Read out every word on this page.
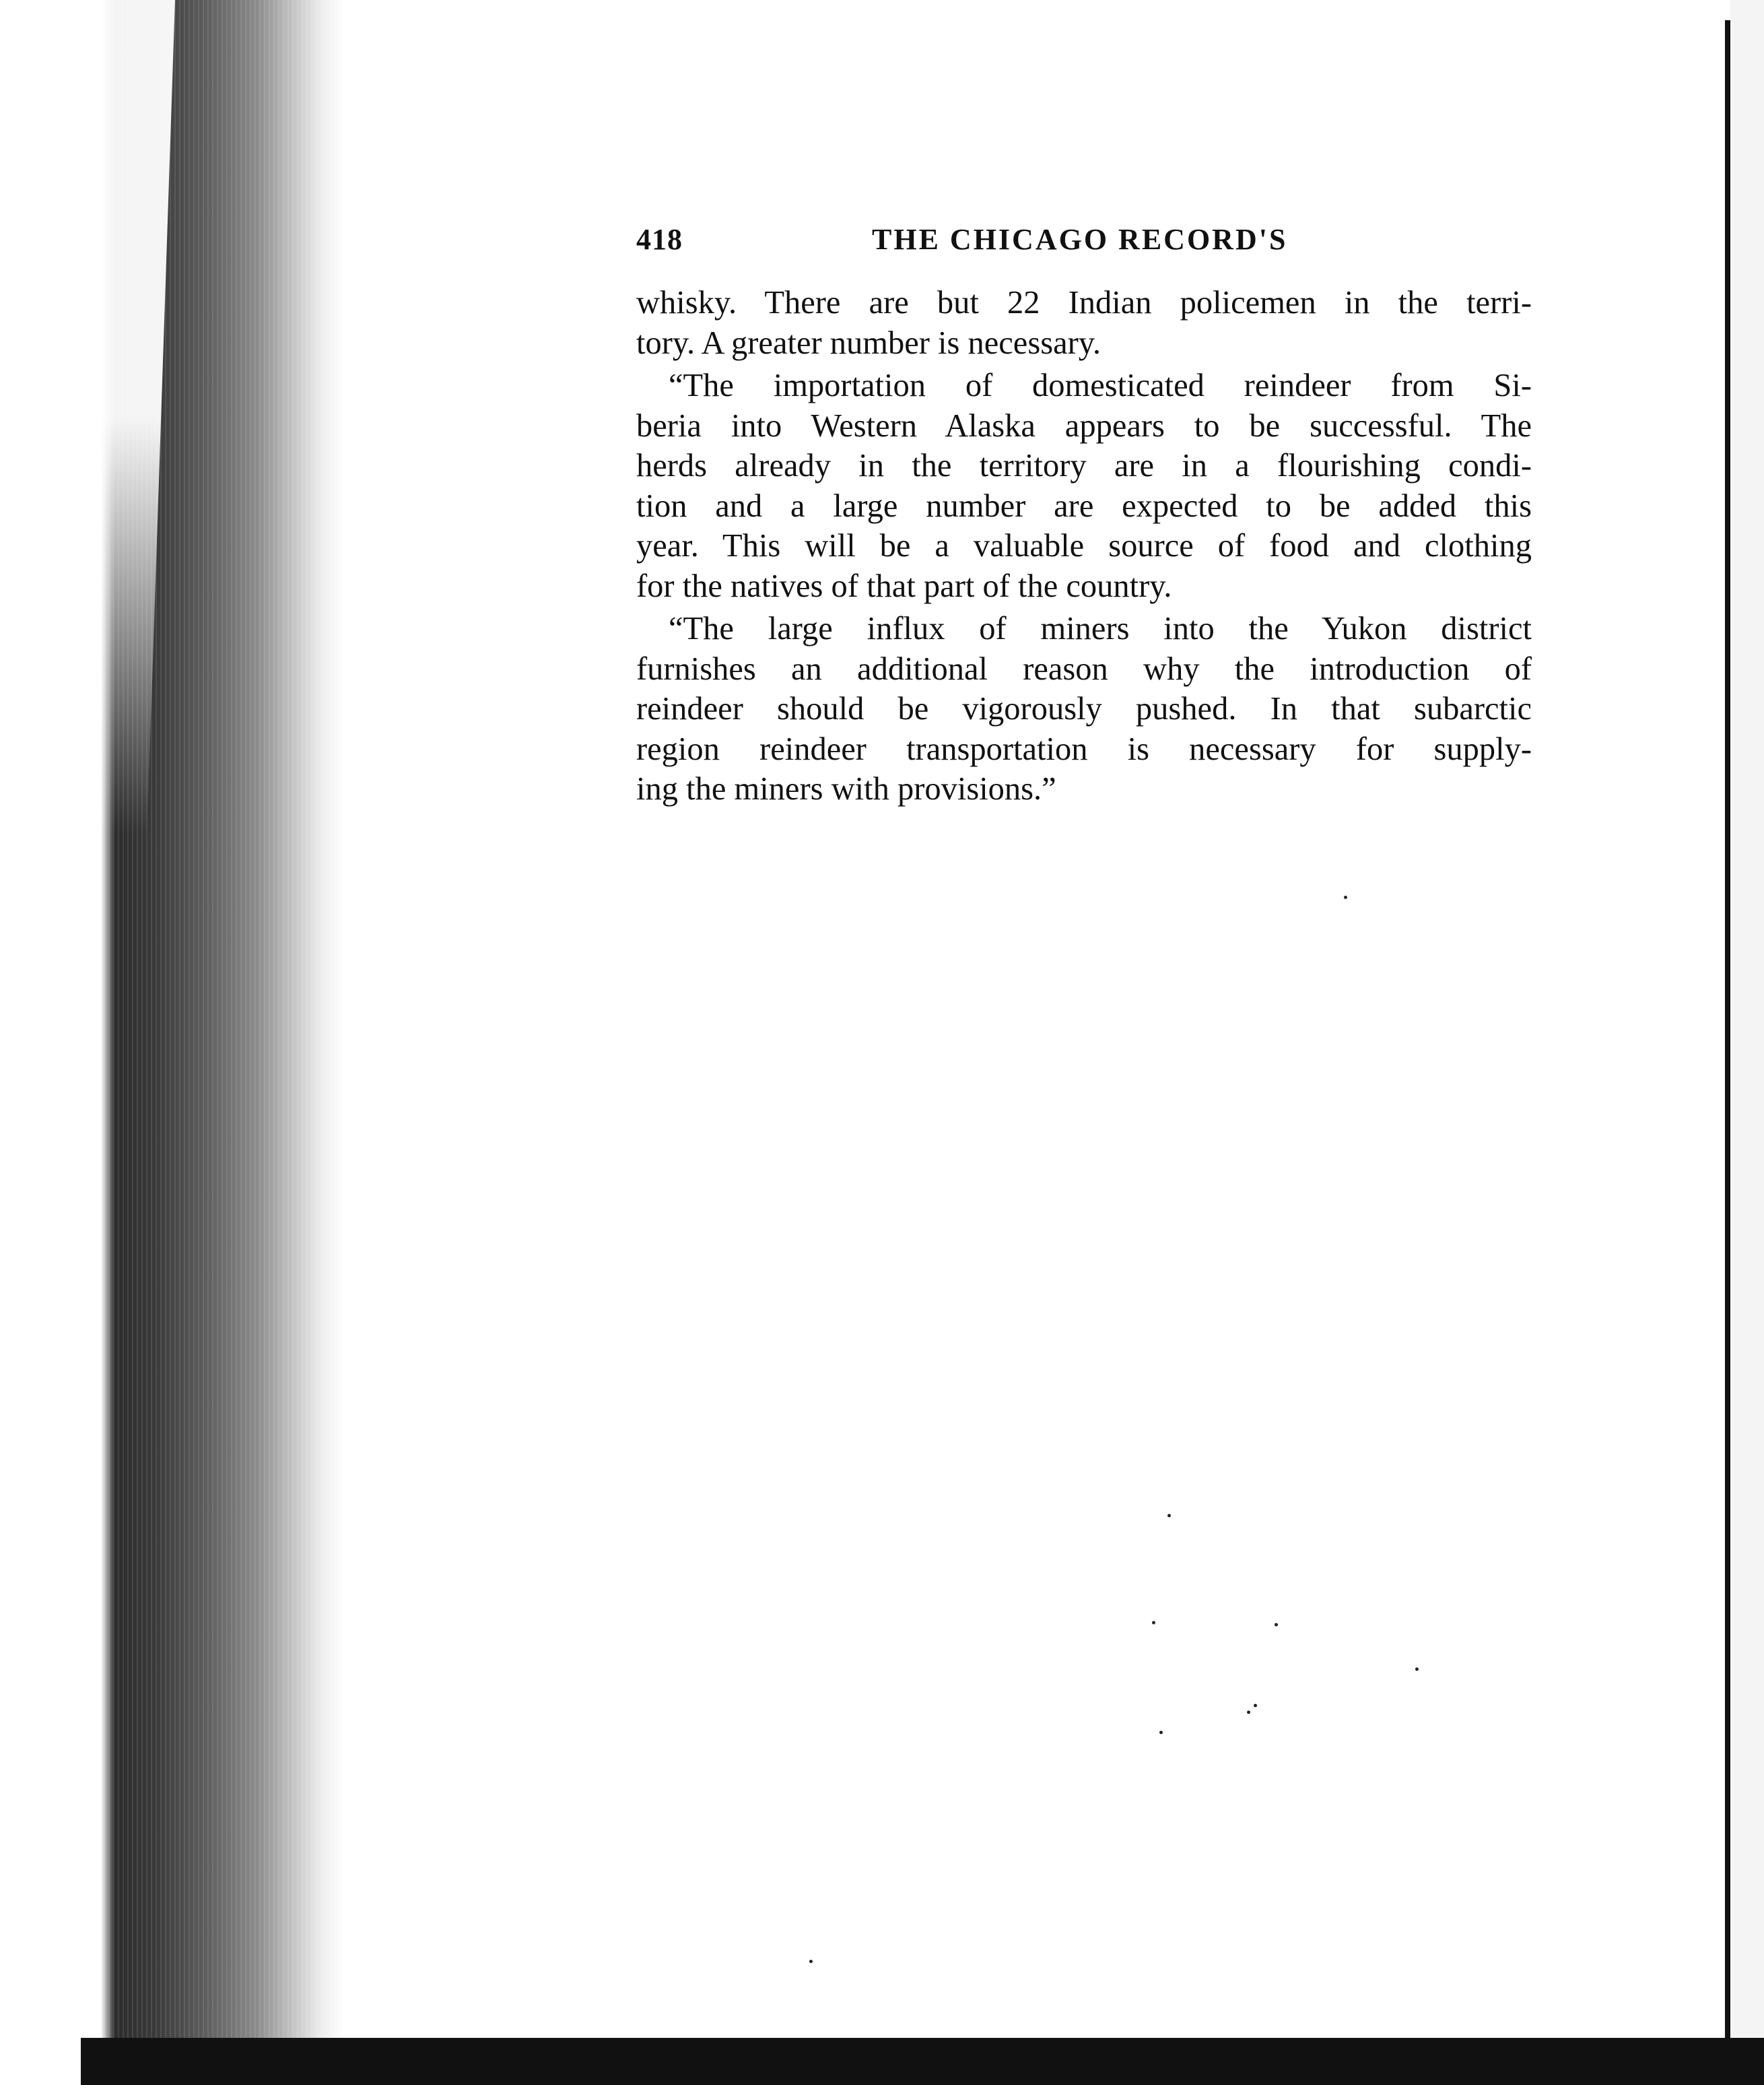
418	THE CHICAGO RECORD'S
whisky. There are but 22 Indian policemen in the terri-
tory. A greater number is necessary.
“The importation of domesticated reindeer from Si-
beria into Western Alaska appears to be successful. The
herds already in the territory are in a flourishing condi-
tion and a large number are expected to be added this
year. This will be a valuable source of food and clothing
for the natives of that part of the country.
“The large influx of miners into the Yukon district
furnishes an additional reason why the introduction of
reindeer should be vigorously pushed. In that subarctic
region reindeer transportation is necessary for supply-
ing the miners with provisions.”
